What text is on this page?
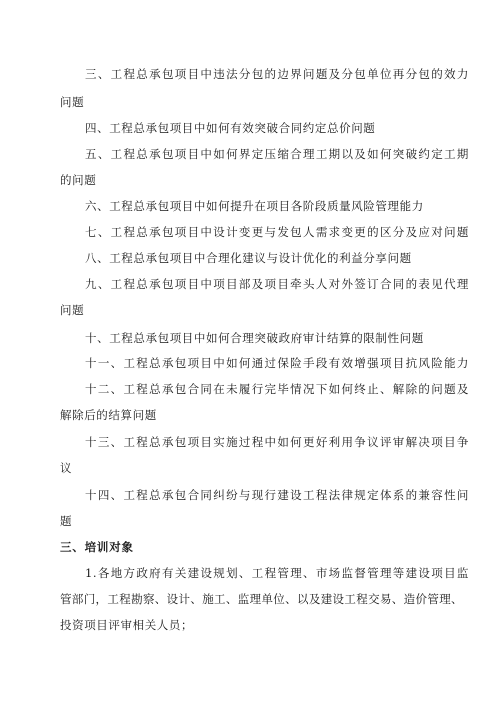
三、工程总承包项目中违法分包的边界问题及分包单位再分包的效力
问题
四、工程总承包项目中如何有效突破合同约定总价问题
五、工程总承包项目中如何界定压缩合理工期以及如何突破约定工期
的问题
六、工程总承包项目中如何提升在项目各阶段质量风险管理能力
七、工程总承包项目中设计变更与发包人需求变更的区分及应对问题
八、工程总承包项目中合理化建议与设计优化的利益分享问题
九、工程总承包项目中项目部及项目牵头人对外签订合同的表见代理
问题
十、工程总承包项目中如何合理突破政府审计结算的限制性问题
十一、工程总承包项目中如何通过保险手段有效增强项目抗风险能力
十二、工程总承包合同在未履行完毕情况下如何终止、解除的问题及
解除后的结算问题
十三、工程总承包项目实施过程中如何更好利用争议评审解决项目争
议
十四、工程总承包合同纠纷与现行建设工程法律规定体系的兼容性问
题
三、培训对象
1.各地方政府有关建设规划、工程管理、市场监督管理等建设项目监
管部门，工程勘察、设计、施工、监理单位、以及建设工程交易、造价管理、
投资项目评审相关人员；
